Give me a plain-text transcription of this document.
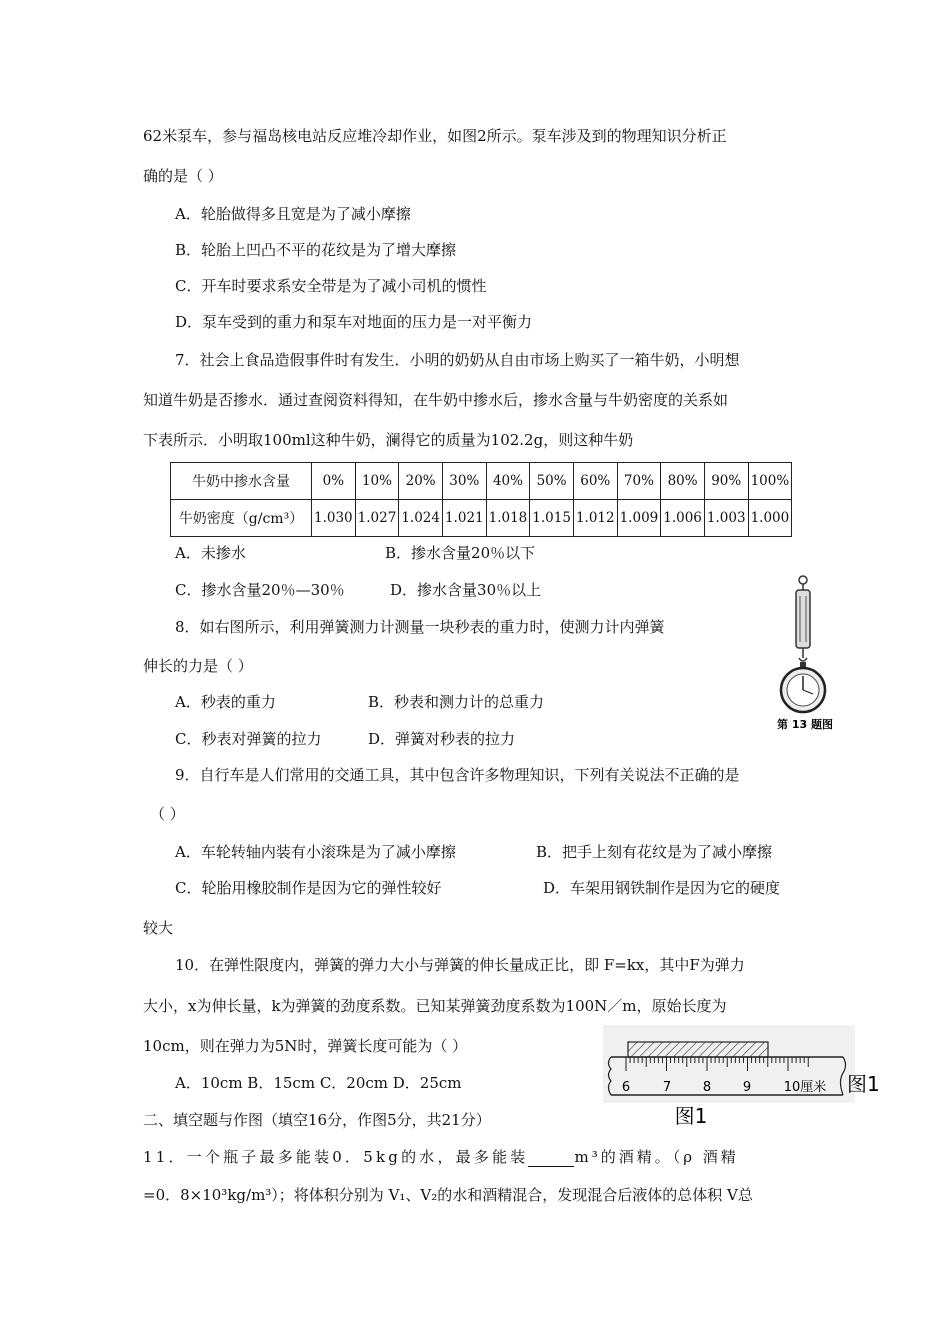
62米泵车，参与福岛核电站反应堆冷却作业，如图2所示。泵车涉及到的物理知识分析正
确的是（ ）
A．轮胎做得多且宽是为了减小摩擦
B．轮胎上凹凸不平的花纹是为了增大摩擦
C．开车时要求系安全带是为了减小司机的惯性
D．泵车受到的重力和泵车对地面的压力是一对平衡力
7．社会上食品造假事件时有发生．小明的奶奶从自由市场上购买了一箱牛奶，小明想
知道牛奶是否掺水．通过查阅资料得知，在牛奶中掺水后，掺水含量与牛奶密度的关系如
下表所示．小明取100ml这种牛奶，澜得它的质量为102.2g，则这种牛奶
牛奶中掺水含量	0%	10%	20%	30%	40%	50%	60%	70%	80%	90%	100%
牛奶密度（g/cm³）	1.030	1.027	1.024	1.021	1.018	1.015	1.012	1.009	1.006	1.003	1.000
A．未掺水	B．掺水含量20％以下
C．掺水含量20％—30％	D．掺水含量30％以上
8．如右图所示，利用弹簧测力计测量一块秒表的重力时，使测力计内弹簧
伸长的力是（ ）
A．秒表的重力	B．秒表和测力计的总重力
C．秒表对弹簧的拉力	D．弹簧对秒表的拉力
第 13 题图
9．自行车是人们常用的交通工具，其中包含许多物理知识，下列有关说法不正确的是
（ ）
A．车轮转轴内装有小滚珠是为了减小摩擦	B．把手上刻有花纹是为了减小摩擦
C．轮胎用橡胶制作是因为它的弹性较好	D．车架用钢铁制作是因为它的硬度
较大
10．在弹性限度内，弹簧的弹力大小与弹簧的伸长量成正比，即 F=kx，其中F为弹力
大小，x为伸长量，k为弹簧的劲度系数。已知某弹簧劲度系数为100N／m，原始长度为
10cm，则在弹力为5N时，弹簧长度可能为（ ）
A．10cm B．15cm C．20cm D．25cm	6	7 8 9	10厘米 图1
图1
二、填空题与作图（填空16分，作图5分，共21分）
11．一个瓶子最多能装0．5kg的水，最多能装	m³的酒精。（ρ 酒精
=0．8×10³kg/m³）；将体积分别为 V₁、V₂的水和酒精混合，发现混合后液体的总体积 V总
